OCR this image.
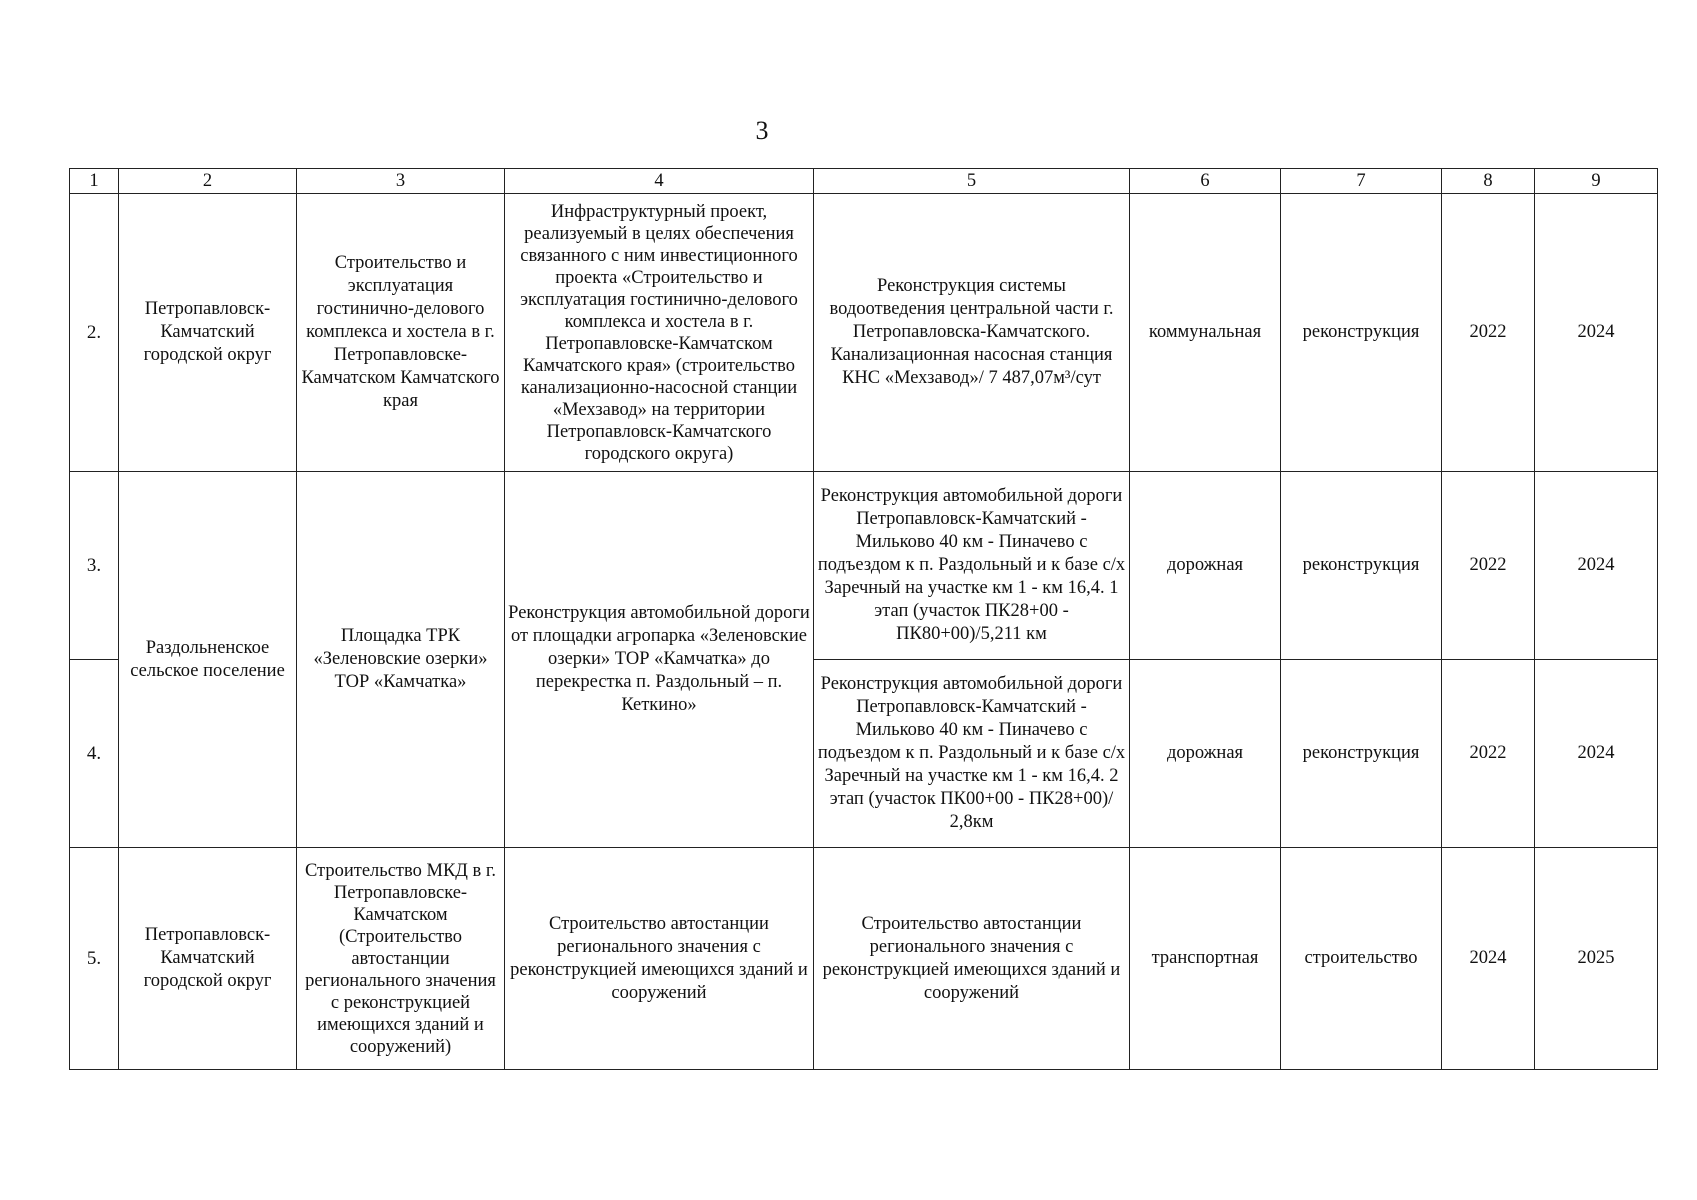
3
1	2	3	4	5	6	7	8	9
2.	Петропавловск-Камчатский городской округ	Строительство и эксплуатация гостинично-делового комплекса и хостела в г. Петропавловске-Камчатском Камчатского края	Инфраструктурный проект, реализуемый в целях обеспечения связанного с ним инвестиционного проекта «Строительство и эксплуатация гостинично-делового комплекса и хостела в г. Петропавловске-Камчатском Камчатского края» (строительство канализационно-насосной станции «Мехзавод» на территории Петропавловск-Камчатского городского округа)	Реконструкция системы водоотведения центральной части г. Петропавловска-Камчатского. Канализационная насосная станция КНС «Мехзавод»/ 7 487,07м³/сут	коммунальная	реконструкция	2022	2024
3.	Раздольненское сельское поселение	Площадка ТРК «Зеленовские озерки» ТОР «Камчатка»	Реконструкция автомобильной дороги от площадки агропарка «Зеленовские озерки» ТОР «Камчатка» до перекрестка п. Раздольный – п. Кеткино»	Реконструкция автомобильной дороги Петропавловск-Камчатский - Мильково 40 км - Пиначево с подъездом к п. Раздольный и к базе с/х Заречный на участке км 1 - км 16,4. 1 этап (участок ПК28+00 - ПК80+00)/5,211 км	дорожная	реконструкция	2022	2024
4.				Реконструкция автомобильной дороги Петропавловск-Камчатский - Мильково 40 км - Пиначево с подъездом к п. Раздольный и к базе с/х Заречный на участке км 1 - км 16,4. 2 этап (участок ПК00+00 - ПК28+00)/ 2,8км	дорожная	реконструкция	2022	2024
5.	Петропавловск-Камчатский городской округ	Строительство МКД в г. Петропавловске-Камчатском (Строительство автостанции регионального значения с реконструкцией имеющихся зданий и сооружений)	Строительство автостанции регионального значения с реконструкцией имеющихся зданий и сооружений	Строительство автостанции регионального значения с реконструкцией имеющихся зданий и сооружений	транспортная	строительство	2024	2025
